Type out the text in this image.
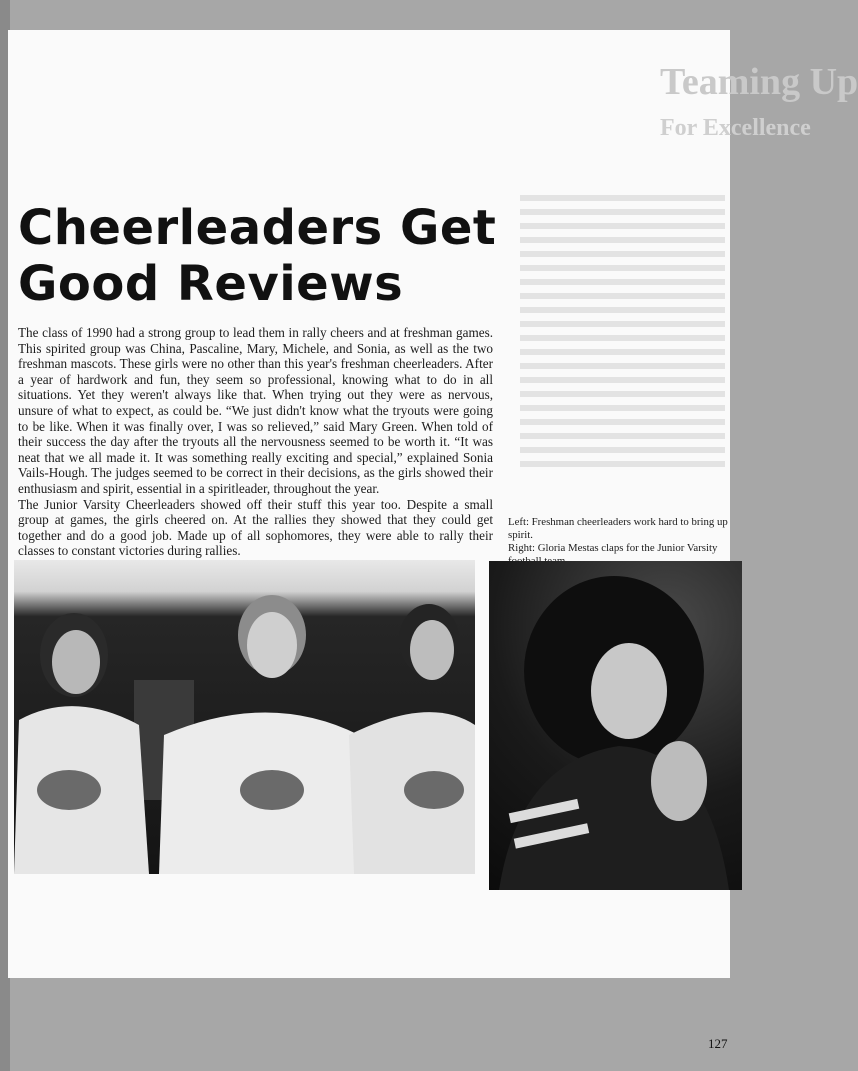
Teaming Up
For Excellence
Cheerleaders Get
Good Reviews

The class of 1990 had a strong group to lead them in rally cheers and at freshman games. This spirited group was China, Pascaline, Mary, Michele, and Sonia, as well as the two freshman mascots. These girls were no other than this year's freshman cheerleaders. After a year of hardwork and fun, they seem so professional, knowing what to do in all situations. Yet they weren't always like that. When trying out they were as nervous, unsure of what to expect, as could be. “We just didn't know what the tryouts were going to be like. When it was finally over, I was so relieved,” said Mary Green. When told of their success the day after the tryouts all the nervousness seemed to be worth it. “It was neat that we all made it. It was something really exciting and special,” explained Sonia Vails-Hough. The judges seemed to be correct in their decisions, as the girls showed their enthusiasm and spirit, essential in a spiritleader, throughout the year.

The Junior Varsity Cheerleaders showed off their stuff this year too. Despite a small group at games, the girls cheered on. At the rallies they showed that they could get together and do a good job. Made up of all sophomores, they were able to rally their classes to constant victories during rallies.

Left: Freshman cheerleaders work hard to bring up spirit.

Right: Gloria Mestas claps for the Junior Varsity

127
